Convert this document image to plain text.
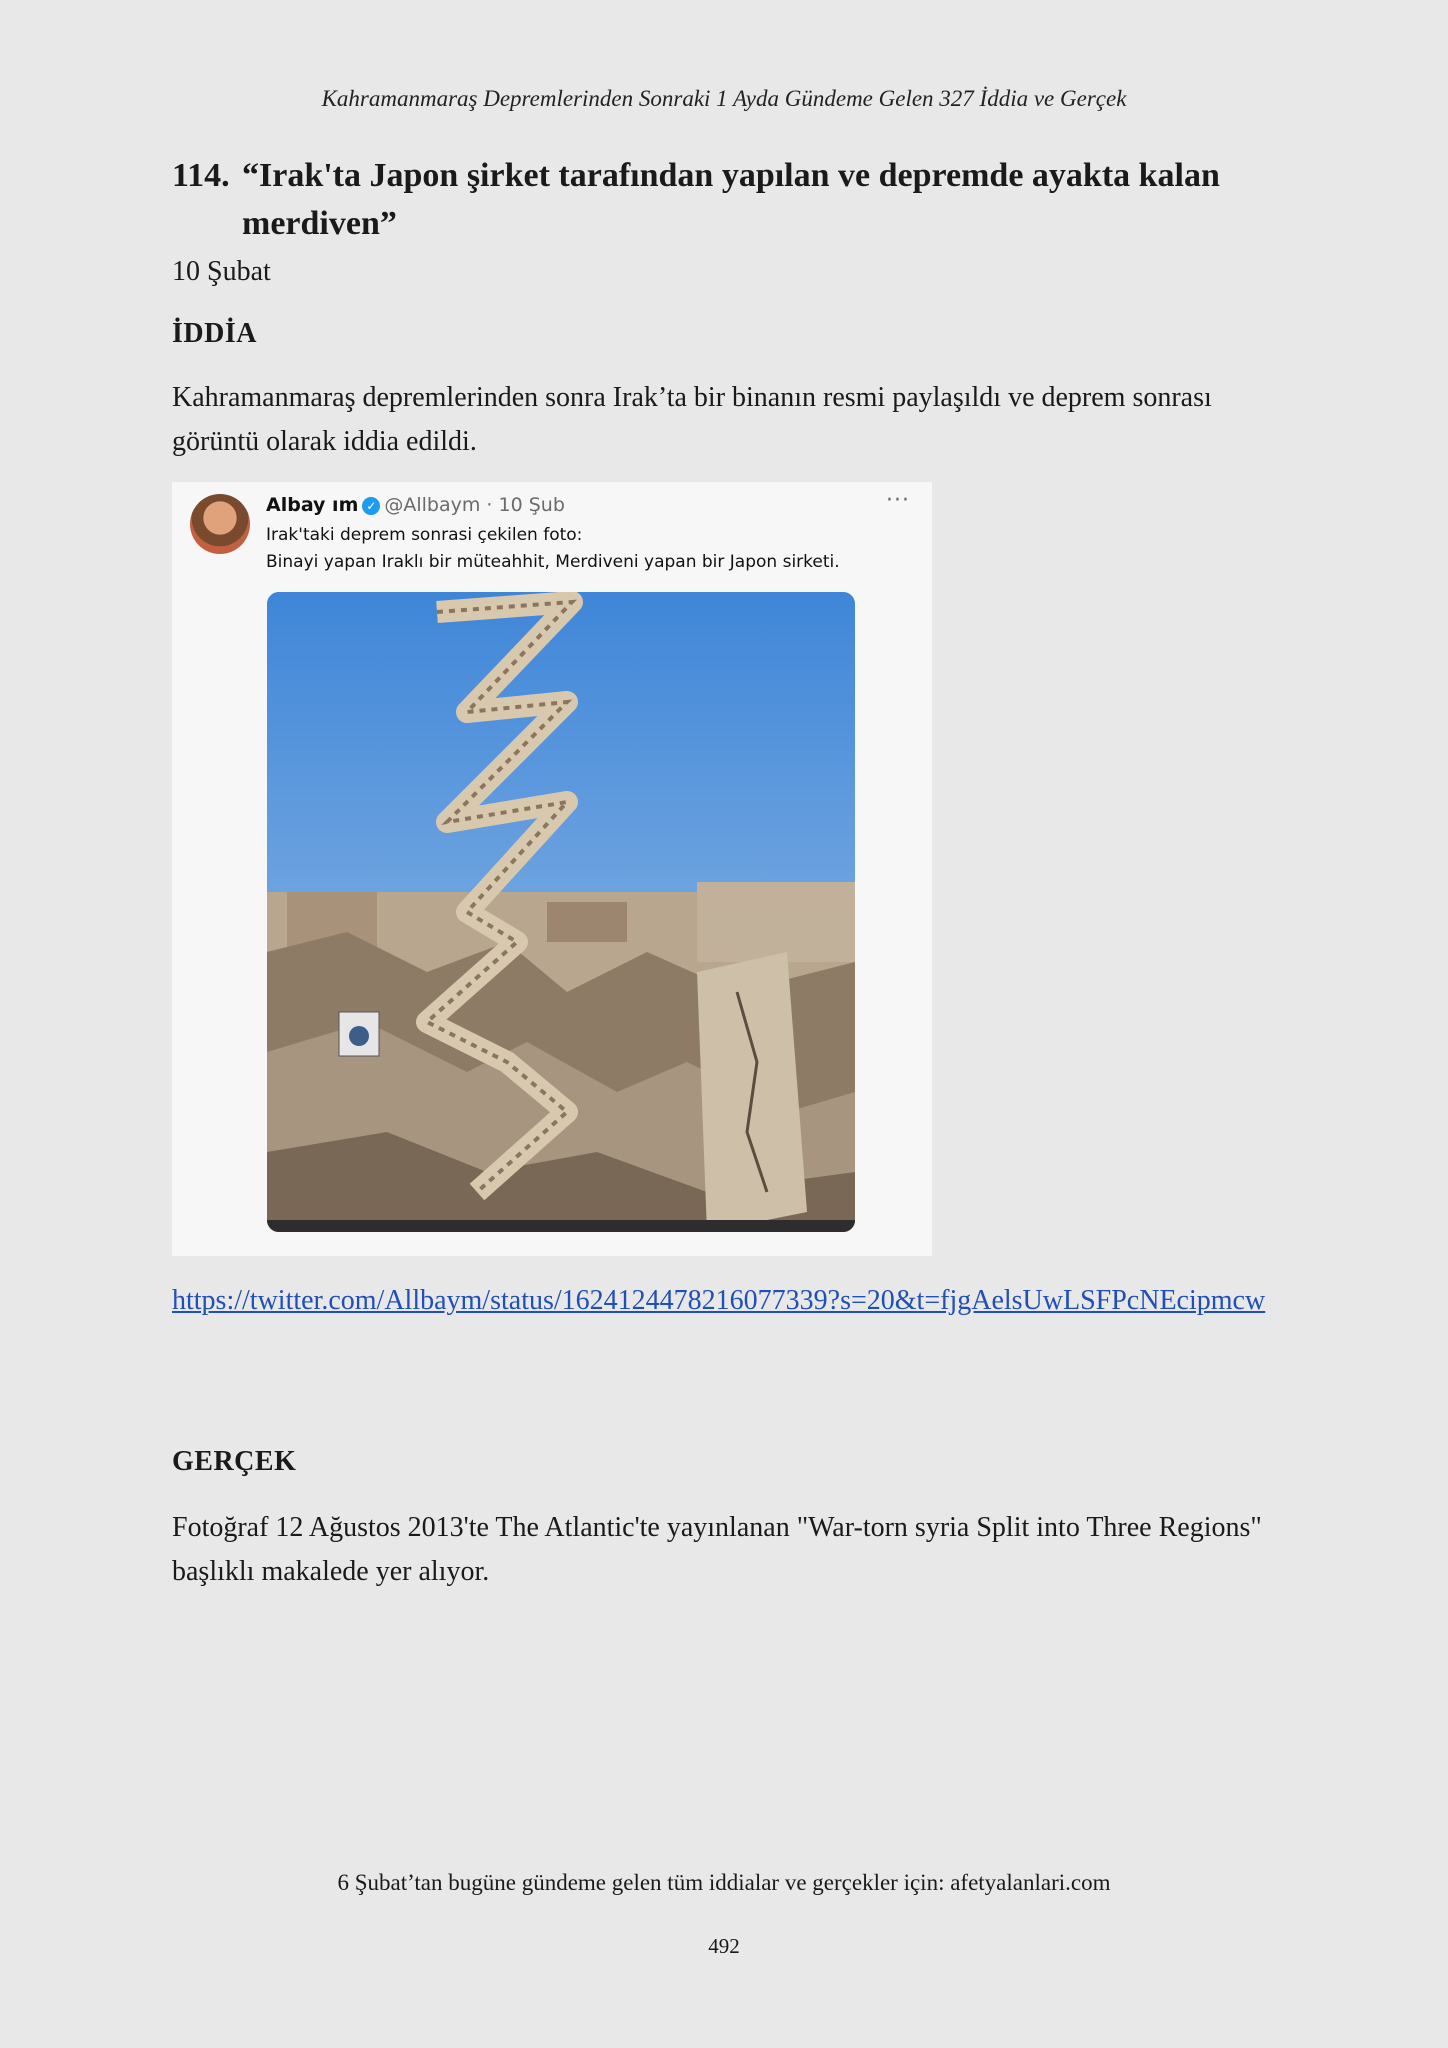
Kahramanmaraş Depremlerinden Sonraki 1 Ayda Gündeme Gelen 327 İddia ve Gerçek
114. “Irak'ta Japon şirket tarafından yapılan ve depremde ayakta kalan
merdiven”
10 Şubat
İDDİA
Kahramanmaraş depremlerinden sonra Irak’ta bir binanın resmi paylaşıldı ve deprem sonrası görüntü olarak iddia edildi.
Albay ım ✓ @Allbaym · 10 Şub	···
Irak'taki deprem sonrasi çekilen foto:
Binayi yapan Iraklı bir müteahhit, Merdiveni yapan bir Japon sirketi.
https://twitter.com/Allbaym/status/1624124478216077339?s=20&t=fjgAelsUwLSFPcNEcipmcw
GERÇEK
Fotoğraf 12 Ağustos 2013'te The Atlantic'te yayınlanan "War-torn syria Split into Three Regions" başlıklı makalede yer alıyor.
6 Şubat’tan bugüne gündeme gelen tüm iddialar ve gerçekler için: afetyalanlari.com
492
